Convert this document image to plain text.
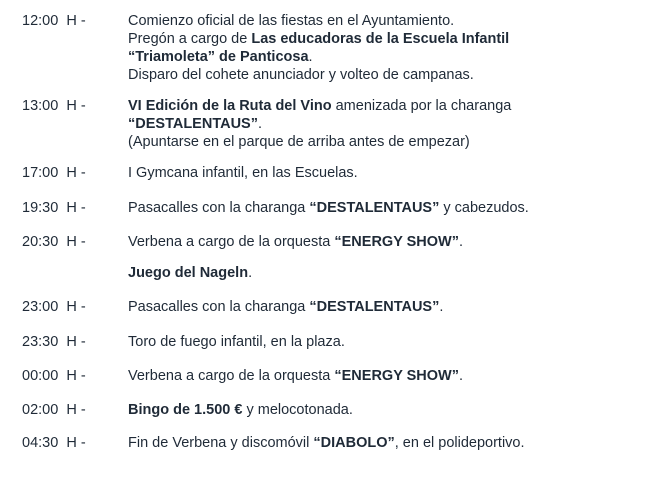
12:00  H -	Comienzo oficial de las fiestas en el Ayuntamiento.
Pregón a cargo de Las educadoras de la Escuela Infantil
“Triamoleta” de Panticosa.
Disparo del cohete anunciador y volteo de campanas.
13:00  H -	VI Edición de la Ruta del Vino amenizada por la charanga
“DESTALENTAUS”.
(Apuntarse en el parque de arriba antes de empezar)
17:00  H -	I Gymcana infantil, en las Escuelas.
19:30  H -	Pasacalles con la charanga “DESTALENTAUS” y cabezudos.
20:30  H -	Verbena a cargo de la orquesta “ENERGY SHOW”.
Juego del Nageln.
23:00  H -	Pasacalles con la charanga “DESTALENTAUS”.
23:30  H -	Toro de fuego infantil, en la plaza.
00:00  H -	Verbena a cargo de la orquesta “ENERGY SHOW”.
02:00  H -	Bingo de 1.500 € y melocotonada.
04:30  H -	Fin de Verbena y discomóvil “DIABOLO”, en el polideportivo.
